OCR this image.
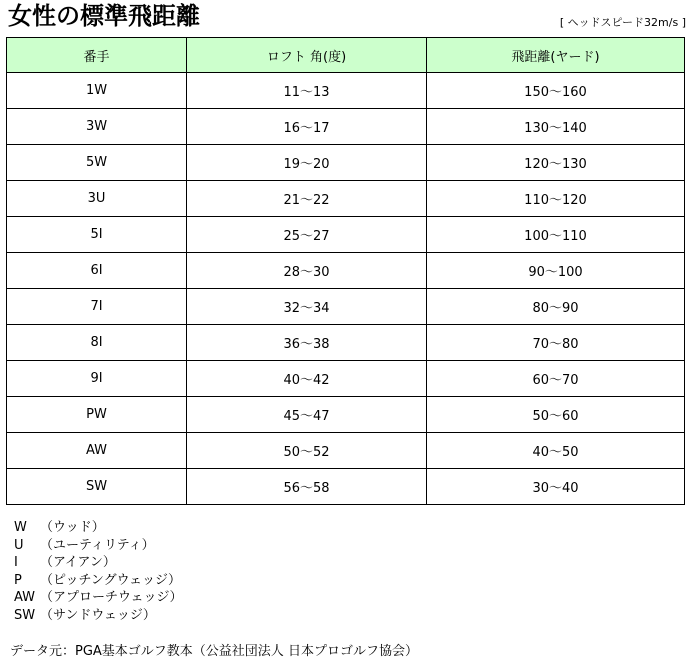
女性の標準飛距離	[ ヘッドスピード32m/s ]
番手	ロフト 角(度)	飛距離(ヤード)
1W	11〜13	150〜160
3W	16〜17	130〜140
5W	19〜20	120〜130
3U	21〜22	110〜120
5I	25〜27	100〜110
6I	28〜30	90〜100
7I	32〜34	80〜90
8I	36〜38	70〜80
9I	40〜42	60〜70
PW	45〜47	50〜60
AW	50〜52	40〜50
SW	56〜58	30〜40
W （ウッド）
U （ユーティリティ）
I （アイアン）
P （ピッチングウェッジ）
AW （アプローチウェッジ）
SW （サンドウェッジ）
データ元：PGA基本ゴルフ教本（公益社団法人 日本プロゴルフ協会）
